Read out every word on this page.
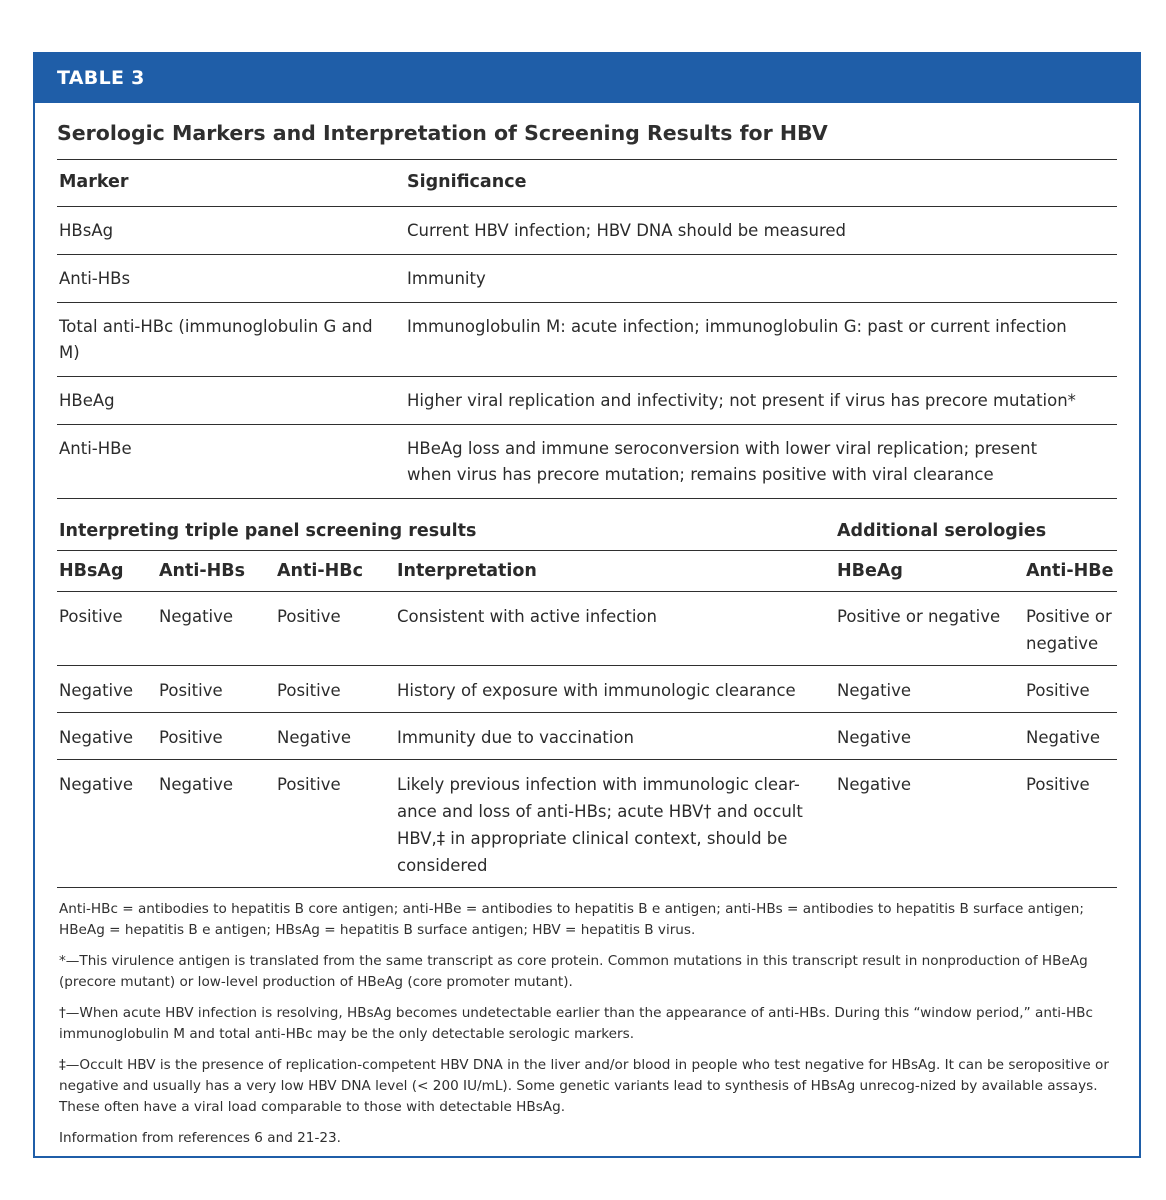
TABLE 3
Serologic Markers and Interpretation of Screening Results for HBV
Marker	Significance
HBsAg	Current HBV infection; HBV DNA should be measured
Anti-HBs	Immunity
Total anti-HBc (immunoglobulin G and M)	Immunoglobulin M: acute infection; immunoglobulin G: past or current infection
HBeAg	Higher viral replication and infectivity; not present if virus has precore mutation*
Anti-HBe	HBeAg loss and immune seroconversion with lower viral replication; present when virus has precore mutation; remains positive with viral clearance
Interpreting triple panel screening results				Additional serologies	
HBsAg	Anti-HBs	Anti-HBc	Interpretation	HBeAg	Anti-HBe
Positive	Negative	Positive	Consistent with active infection	Positive or negative	Positive or negative
Negative	Positive	Positive	History of exposure with immunologic clearance	Negative	Positive
Negative	Positive	Negative	Immunity due to vaccination	Negative	Negative
Negative	Negative	Positive	Likely previous infection with immunologic clear-ance and loss of anti-HBs; acute HBV† and occult HBV,‡ in appropriate clinical context, should be considered	Negative	Positive

Anti-HBc = antibodies to hepatitis B core antigen; anti-HBe = antibodies to hepatitis B e antigen; anti-HBs = antibodies to hepatitis B surface antigen; HBeAg = hepatitis B e antigen; HBsAg = hepatitis B surface antigen; HBV = hepatitis B virus.

*—This virulence antigen is translated from the same transcript as core protein. Common mutations in this transcript result in nonproduction of HBeAg (precore mutant) or low-level production of HBeAg (core promoter mutant).

†—When acute HBV infection is resolving, HBsAg becomes undetectable earlier than the appearance of anti-HBs. During this “window period,” anti-HBc immunoglobulin M and total anti-HBc may be the only detectable serologic markers.

‡—Occult HBV is the presence of replication-competent HBV DNA in the liver and/or blood in people who test negative for HBsAg. It can be seropositive or negative and usually has a very low HBV DNA level (< 200 IU/mL). Some genetic variants lead to synthesis of HBsAg unrecog-nized by available assays. These often have a viral load comparable to those with detectable HBsAg.

Information from references 6 and 21-23.
